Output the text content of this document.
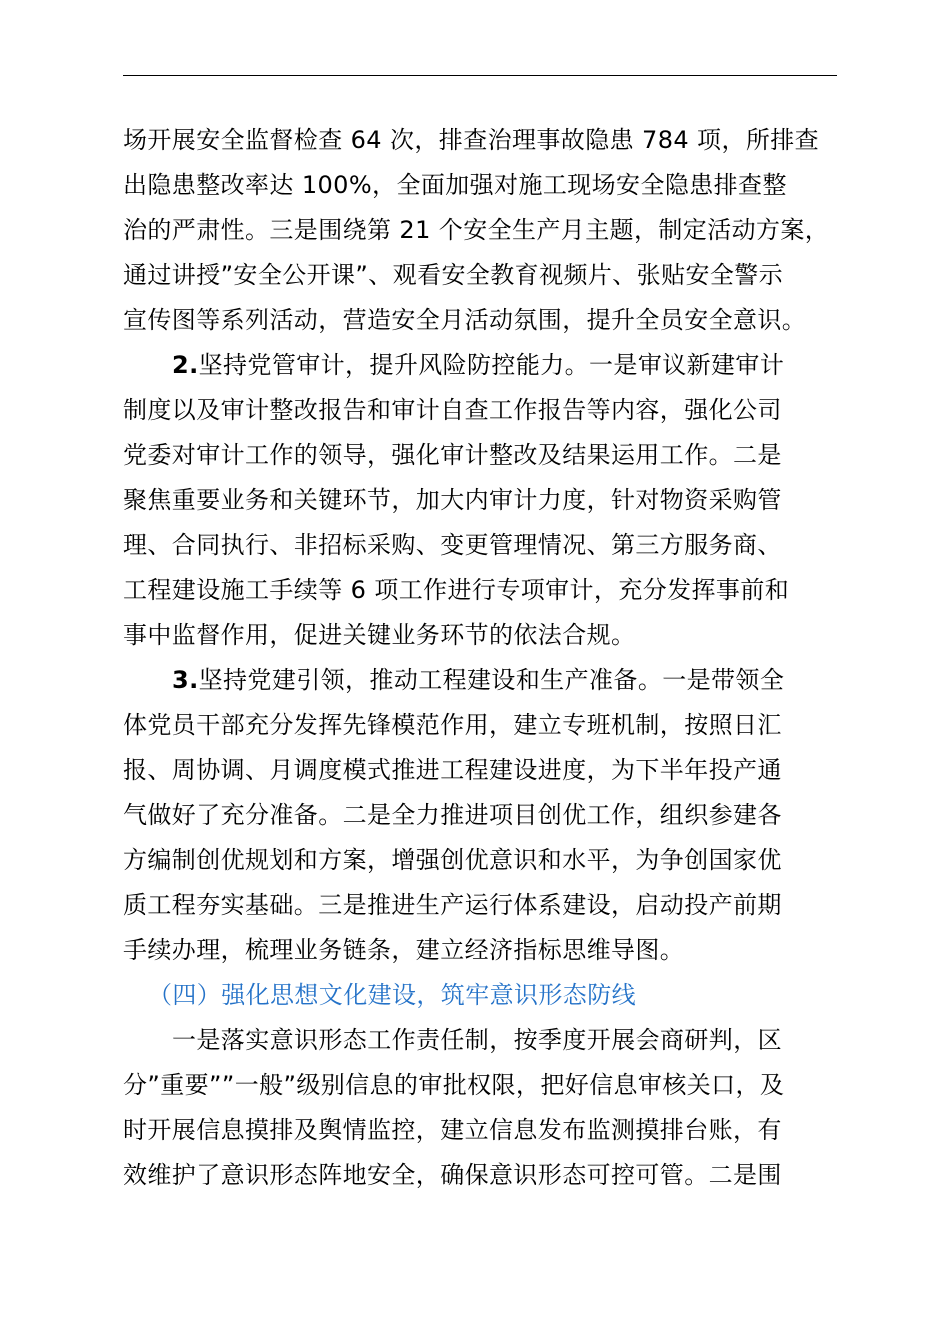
场开展安全监督检查 64 次，排查治理事故隐患 784 项，所排查
出隐患整改率达 100%，全面加强对施工现场安全隐患排查整
治的严肃性。三是围绕第 21 个安全生产月主题，制定活动方案，
通过讲授”安全公开课”、观看安全教育视频片、张贴安全警示
宣传图等系列活动，营造安全月活动氛围，提升全员安全意识。
2.坚持党管审计，提升风险防控能力。一是审议新建审计
制度以及审计整改报告和审计自查工作报告等内容，强化公司
党委对审计工作的领导，强化审计整改及结果运用工作。二是
聚焦重要业务和关键环节，加大内审计力度，针对物资采购管
理、合同执行、非招标采购、变更管理情况、第三方服务商、
工程建设施工手续等 6 项工作进行专项审计，充分发挥事前和
事中监督作用，促进关键业务环节的依法合规。
3.坚持党建引领，推动工程建设和生产准备。一是带领全
体党员干部充分发挥先锋模范作用，建立专班机制，按照日汇
报、周协调、月调度模式推进工程建设进度，为下半年投产通
气做好了充分准备。二是全力推进项目创优工作，组织参建各
方编制创优规划和方案，增强创优意识和水平，为争创国家优
质工程夯实基础。三是推进生产运行体系建设，启动投产前期
手续办理，梳理业务链条，建立经济指标思维导图。
（四）强化思想文化建设，筑牢意识形态防线
一是落实意识形态工作责任制，按季度开展会商研判，区
分”重要””一般”级别信息的审批权限，把好信息审核关口，及
时开展信息摸排及舆情监控，建立信息发布监测摸排台账，有
效维护了意识形态阵地安全，确保意识形态可控可管。二是围
